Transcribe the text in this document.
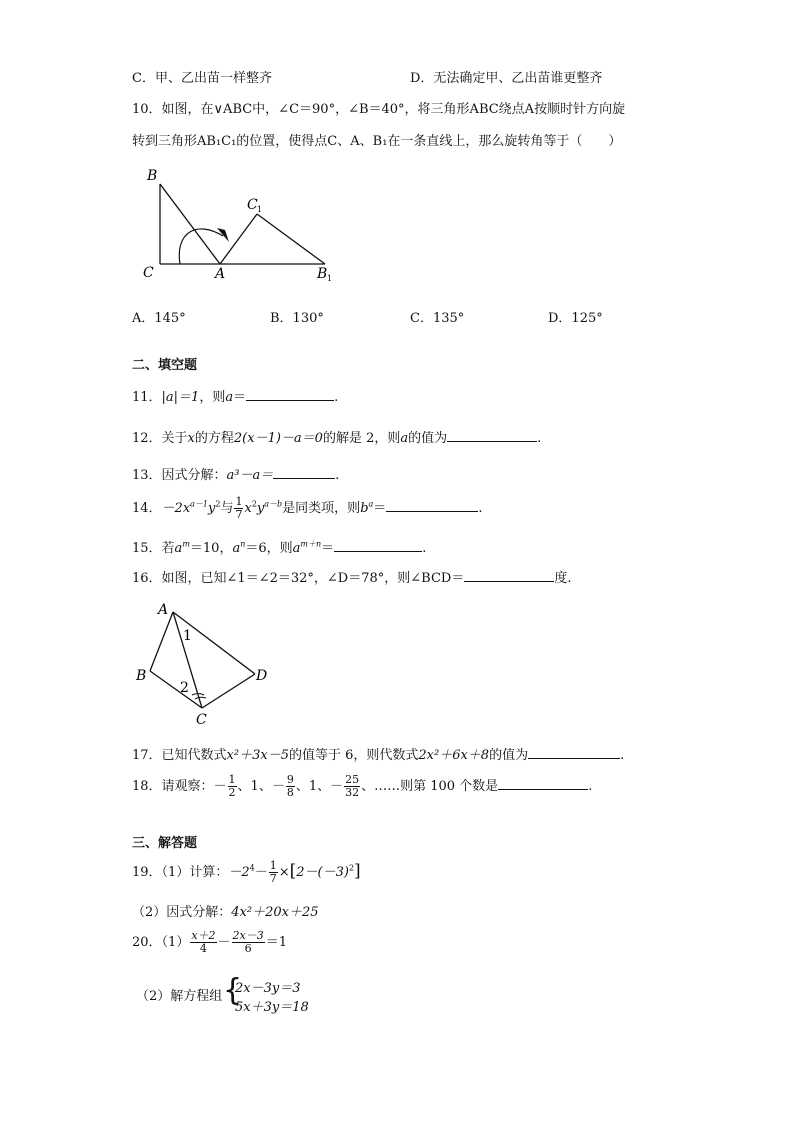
C．甲、乙出苗一样整齐	D．无法确定甲、乙出苗谁更整齐
10．如图，在∨ABC中，∠C＝90°，∠B＝40°，将三角形ABC绕点A按顺时针方向旋
转到三角形AB₁C₁的位置，使得点C、A、B₁在一条直线上，那么旋转角等于（　　）
B
C	A
C 1
B 1
A．145°	B．130°	C．135°	D．125°
二、填空题
11．|a|＝1，则a＝	.
12．关于x的方程2(x－1)－a＝0的解是 2，则a的值为	.
13．因式分解：a³－a＝	.
14．$-2x^{a-1}y^2$与 $\frac{1}{7} x^2y^{a-b}$是同类项，则$b^a=$	.
15．若$a^m=10$，$a^n=6$，则$a^{m+n}=$	.
16．如图，已知∠1＝∠2＝32°，∠D＝78°，则∠BCD＝	度.
A
B
C
D
1
2
17．已知代数式x²＋3x－5的值等于 6，则代数式2x²＋6x＋8的值为	.
18．请观察：－ $\frac{1}{2}$ 、1、－ $\frac{9}{8}$ 、1、－ $\frac{25}{32}$ 、……则第 100 个数是	.
三、解答题
19．（1）计算：$-2^4- \frac{1}{7} \times[2-(-3)^2]$
（2）因式分解：4x²＋20x＋25
20．$(1) \frac{x+2}{4} - \frac{2x-3}{6} =1$
（2）解方程组 {
2x－3y＝3
5x＋3y＝18
